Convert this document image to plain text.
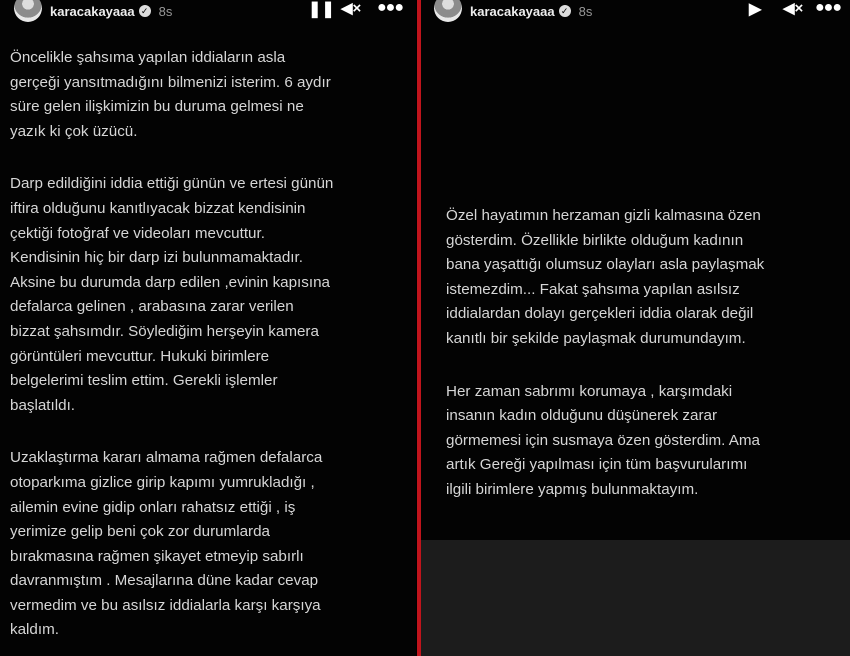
karacakayaaa ✓ 8s	❚❚ ◀× ●●●
Öncelikle şahsıma yapılan iddiaların asla
gerçeği yansıtmadığını bilmenizi isterim. 6 aydır
süre gelen ilişkimizin bu duruma gelmesi ne
yazık ki çok üzücü.
Darp edildiğini iddia ettiği günün ve ertesi günün
iftira olduğunu kanıtlıyacak bizzat kendisinin
çektiği fotoğraf ve videoları mevcuttur.
Kendisinin hiç bir darp izi bulunmamaktadır.
Aksine bu durumda darp edilen ,evinin kapısına
defalarca gelinen , arabasına zarar verilen
bizzat şahsımdır. Söylediğim herşeyin kamera
görüntüleri mevcuttur. Hukuki birimlere
belgelerimi teslim ettim. Gerekli işlemler
başlatıldı.
Uzaklaştırma kararı almama rağmen defalarca
otoparkıma gizlice girip kapımı yumrukladığı ,
ailemin evine gidip onları rahatsız ettiği , iş
yerimize gelip beni çok zor durumlarda
bırakmasına rağmen şikayet etmeyip sabırlı
davranmıştım . Mesajlarına düne kadar cevap
vermedim ve bu asılsız iddialarla karşı karşıya
kaldım.
karacakayaaa ✓ 8s	▶ ◀× ●●●
Özel hayatımın herzaman gizli kalmasına özen
gösterdim. Özellikle birlikte olduğum kadının
bana yaşattığı olumsuz olayları asla paylaşmak
istemezdim... Fakat şahsıma yapılan asılsız
iddialardan dolayı gerçekleri iddia olarak değil
kanıtlı bir şekilde paylaşmak durumundayım.
Her zaman sabrımı korumaya , karşımdaki
insanın kadın olduğunu düşünerek zarar
görmemesi için susmaya özen gösterdim. Ama
artık Gereği yapılması için tüm başvurularımı
ilgili birimlere yapmış bulunmaktayım.
